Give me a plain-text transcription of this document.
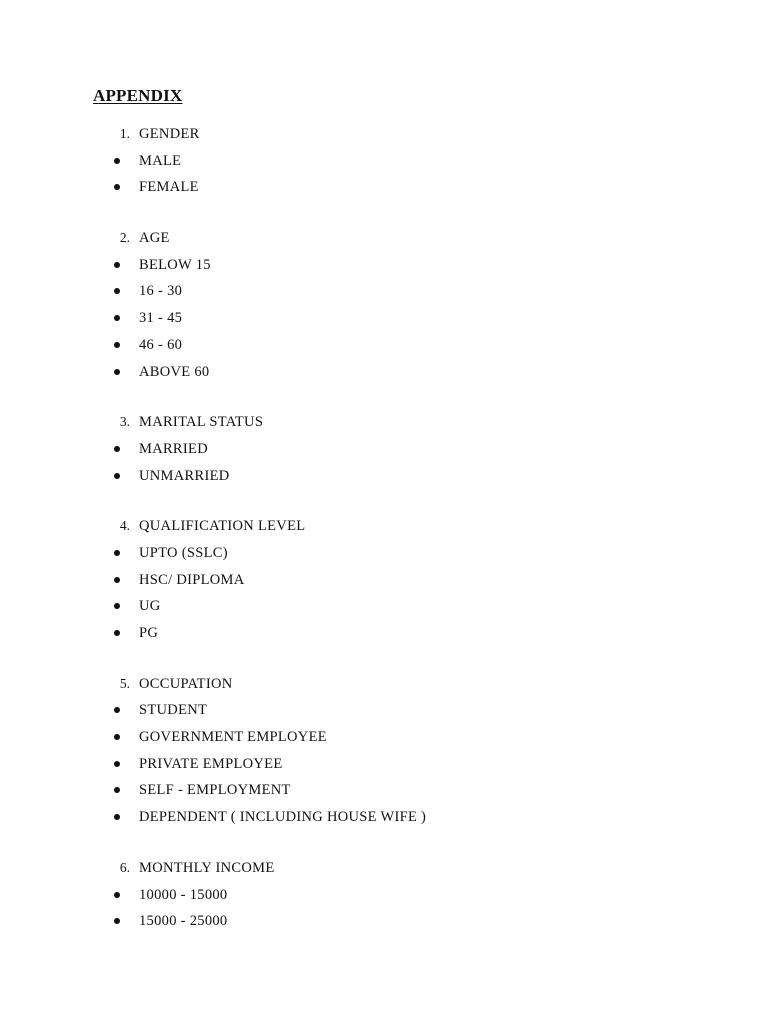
APPENDIX
1. GENDER
MALE
FEMALE
2. AGE
BELOW 15
16 - 30
31 - 45
46 - 60
ABOVE 60
3. MARITAL STATUS
MARRIED
UNMARRIED
4. QUALIFICATION LEVEL
UPTO (SSLC)
HSC/ DIPLOMA
UG
PG
5. OCCUPATION
STUDENT
GOVERNMENT EMPLOYEE
PRIVATE EMPLOYEE
SELF - EMPLOYMENT
DEPENDENT ( INCLUDING HOUSE WIFE )
6. MONTHLY INCOME
10000 - 15000
15000 - 25000
